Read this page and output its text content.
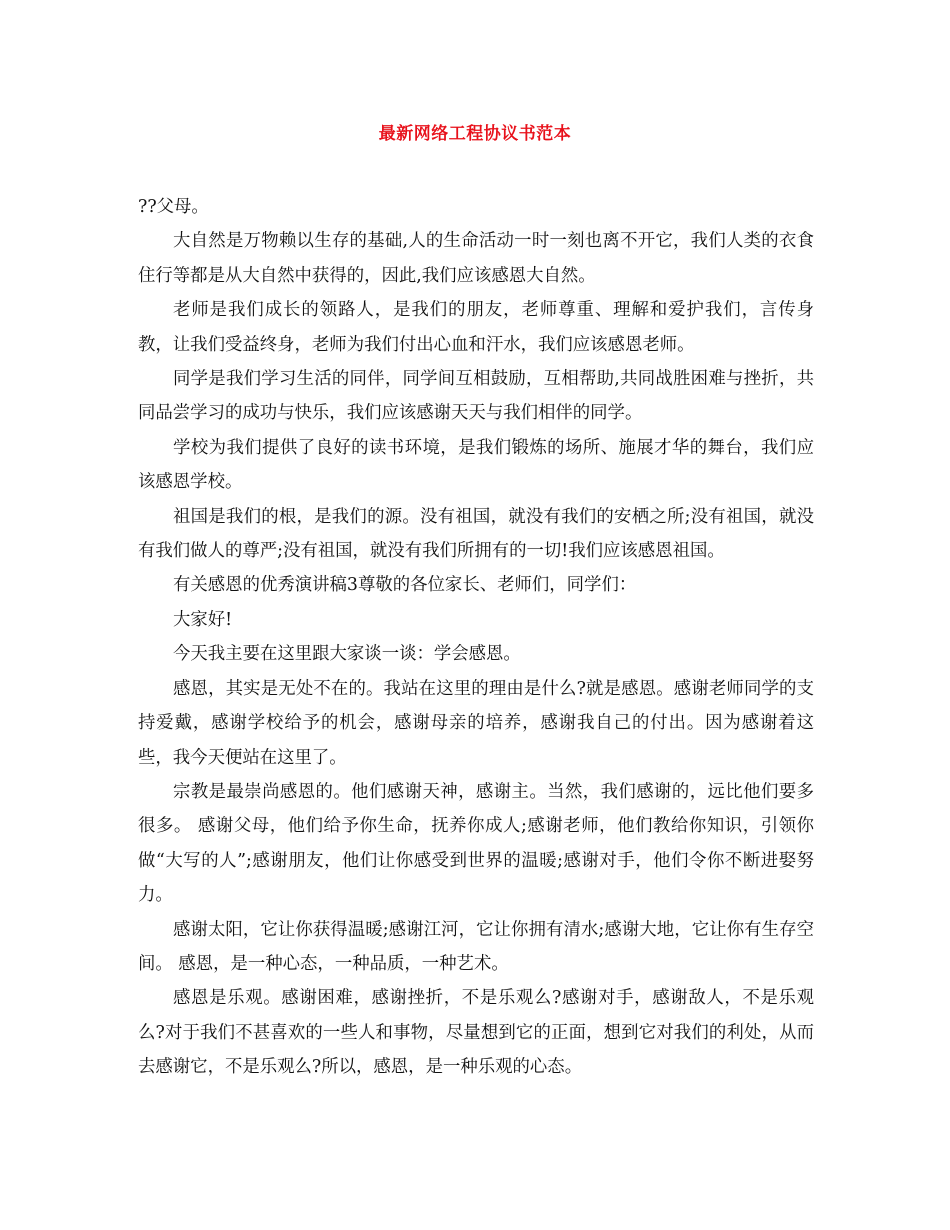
最新网络工程协议书范本

??父母。

大自然是万物赖以生存的基础,人的生命活动一时一刻也离不开它，我们人类的衣食住行等都是从大自然中获得的，因此,我们应该感恩大自然。

老师是我们成长的领路人，是我们的朋友，老师尊重、理解和爱护我们，言传身教，让我们受益终身，老师为我们付出心血和汗水，我们应该感恩老师。

同学是我们学习生活的同伴，同学间互相鼓励，互相帮助,共同战胜困难与挫折，共同品尝学习的成功与快乐，我们应该感谢天天与我们相伴的同学。

学校为我们提供了良好的读书环境，是我们锻炼的场所、施展才华的舞台，我们应该感恩学校。

祖国是我们的根，是我们的源。没有祖国，就没有我们的安栖之所;没有祖国，就没有我们做人的尊严;没有祖国，就没有我们所拥有的一切!我们应该感恩祖国。

有关感恩的优秀演讲稿3尊敬的各位家长、老师们，同学们：

大家好!

今天我主要在这里跟大家谈一谈：学会感恩。

感恩，其实是无处不在的。我站在这里的理由是什么?就是感恩。感谢老师同学的支持爱戴，感谢学校给予的机会，感谢母亲的培养，感谢我自己的付出。因为感谢着这些，我今天便站在这里了。

宗教是最崇尚感恩的。他们感谢天神，感谢主。当然，我们感谢的，远比他们要多很多。 感谢父母，他们给予你生命，抚养你成人;感谢老师，他们教给你知识，引领你做“大写的人”;感谢朋友，他们让你感受到世界的温暖;感谢对手，他们令你不断进娶努力。

感谢太阳，它让你获得温暖;感谢江河，它让你拥有清水;感谢大地，它让你有生存空间。 感恩，是一种心态，一种品质，一种艺术。

感恩是乐观。感谢困难，感谢挫折，不是乐观么?感谢对手，感谢敌人，不是乐观么?对于我们不甚喜欢的一些人和事物，尽量想到它的正面，想到它对我们的利处，从而去感谢它，不是乐观么?所以，感恩，是一种乐观的心态。
